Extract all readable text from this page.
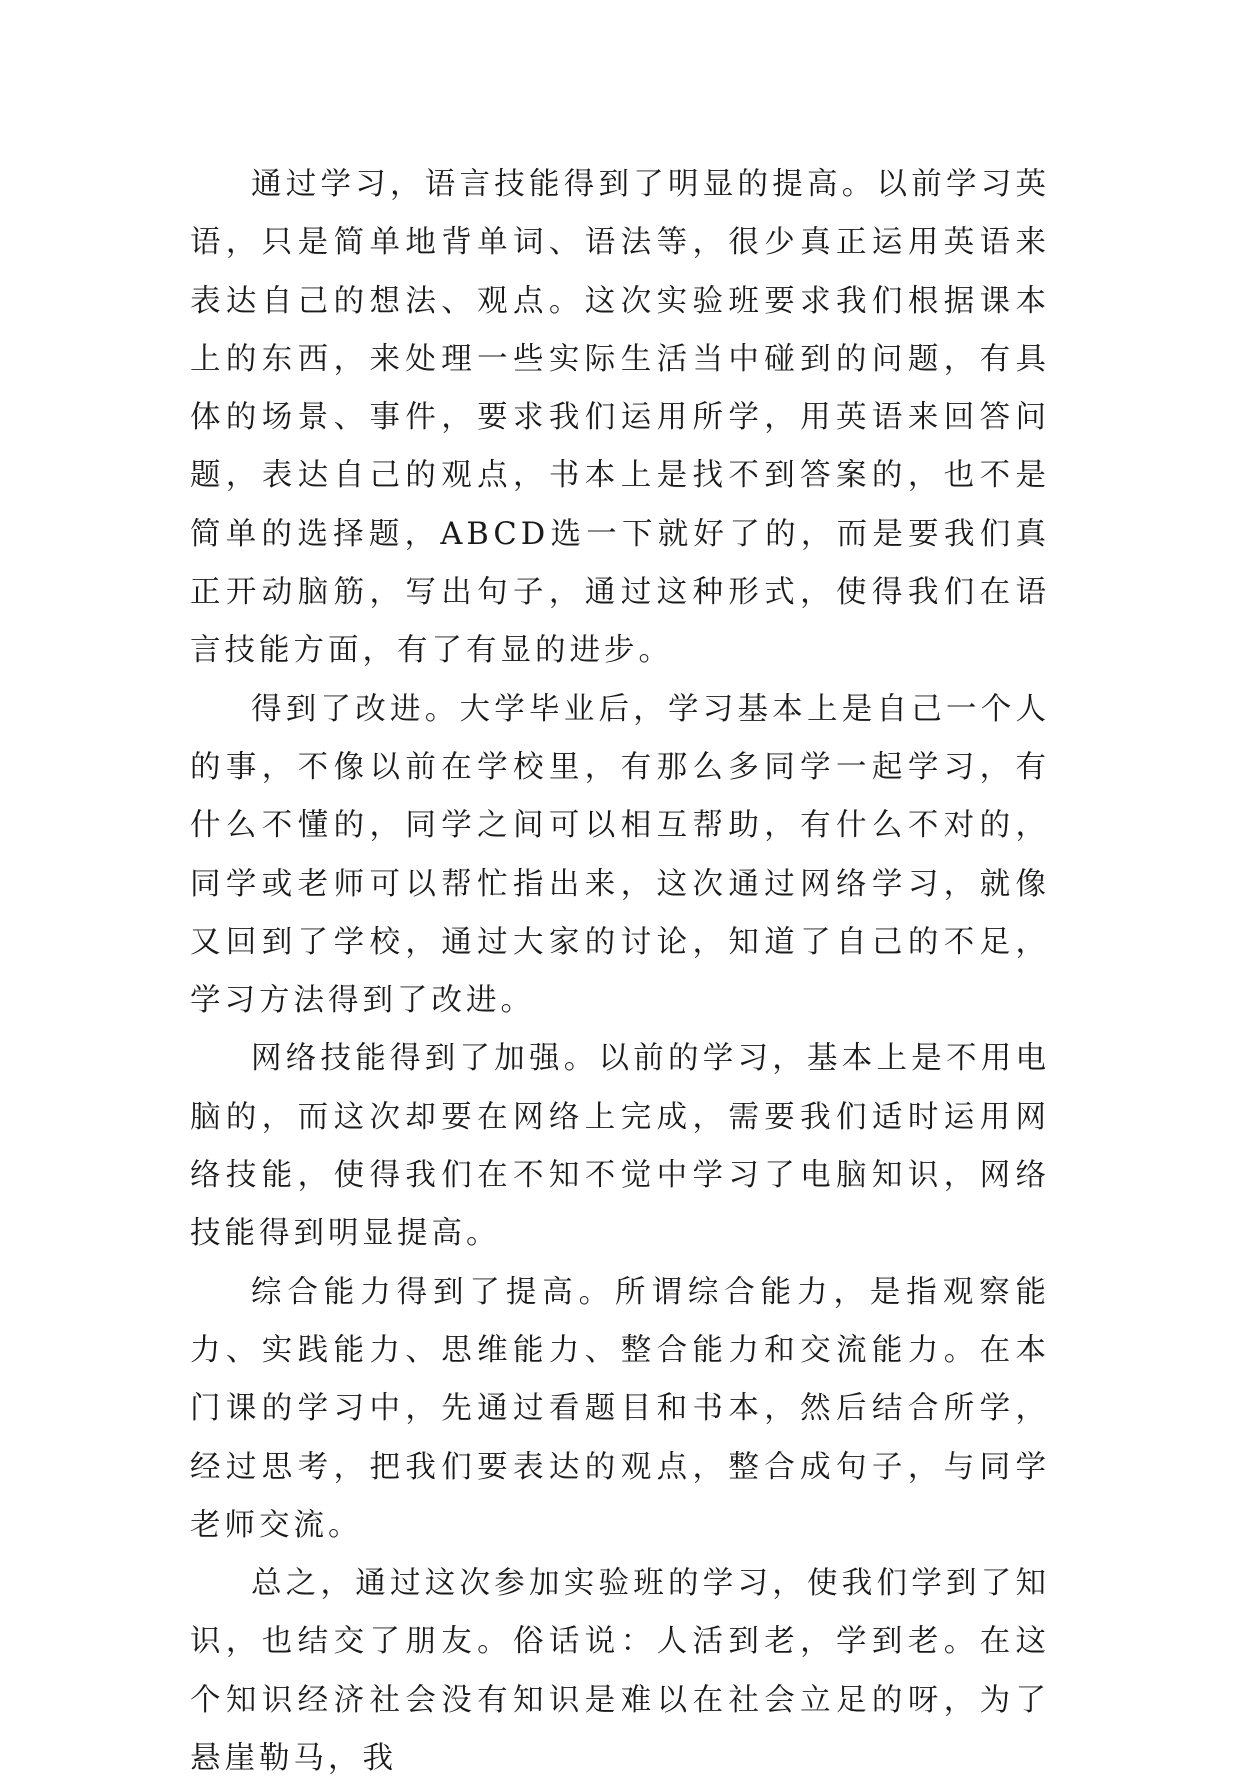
通过学习，语言技能得到了明显的提高。以前学习英语，只是简单地背单词、语法等，很少真正运用英语来表达自己的想法、观点。这次实验班要求我们根据课本上的东西，来处理一些实际生活当中碰到的问题，有具体的场景、事件，要求我们运用所学，用英语来回答问题，表达自己的观点，书本上是找不到答案的，也不是简单的选择题，ABCD选一下就好了的，而是要我们真正开动脑筋，写出句子，通过这种形式，使得我们在语言技能方面，有了有显的进步。

得到了改进。大学毕业后，学习基本上是自己一个人的事，不像以前在学校里，有那么多同学一起学习，有什么不懂的，同学之间可以相互帮助，有什么不对的，同学或老师可以帮忙指出来，这次通过网络学习，就像又回到了学校，通过大家的讨论，知道了自己的不足，学习方法得到了改进。

网络技能得到了加强。以前的学习，基本上是不用电脑的，而这次却要在网络上完成，需要我们适时运用网络技能，使得我们在不知不觉中学习了电脑知识，网络技能得到明显提高。

综合能力得到了提高。所谓综合能力，是指观察能力、实践能力、思维能力、整合能力和交流能力。在本门课的学习中，先通过看题目和书本，然后结合所学，经过思考，把我们要表达的观点，整合成句子，与同学老师交流。

总之，通过这次参加实验班的学习，使我们学到了知识，也结交了朋友。俗话说：人活到老，学到老。在这个知识经济社会没有知识是难以在社会立足的呀，为了悬崖勒马，我
